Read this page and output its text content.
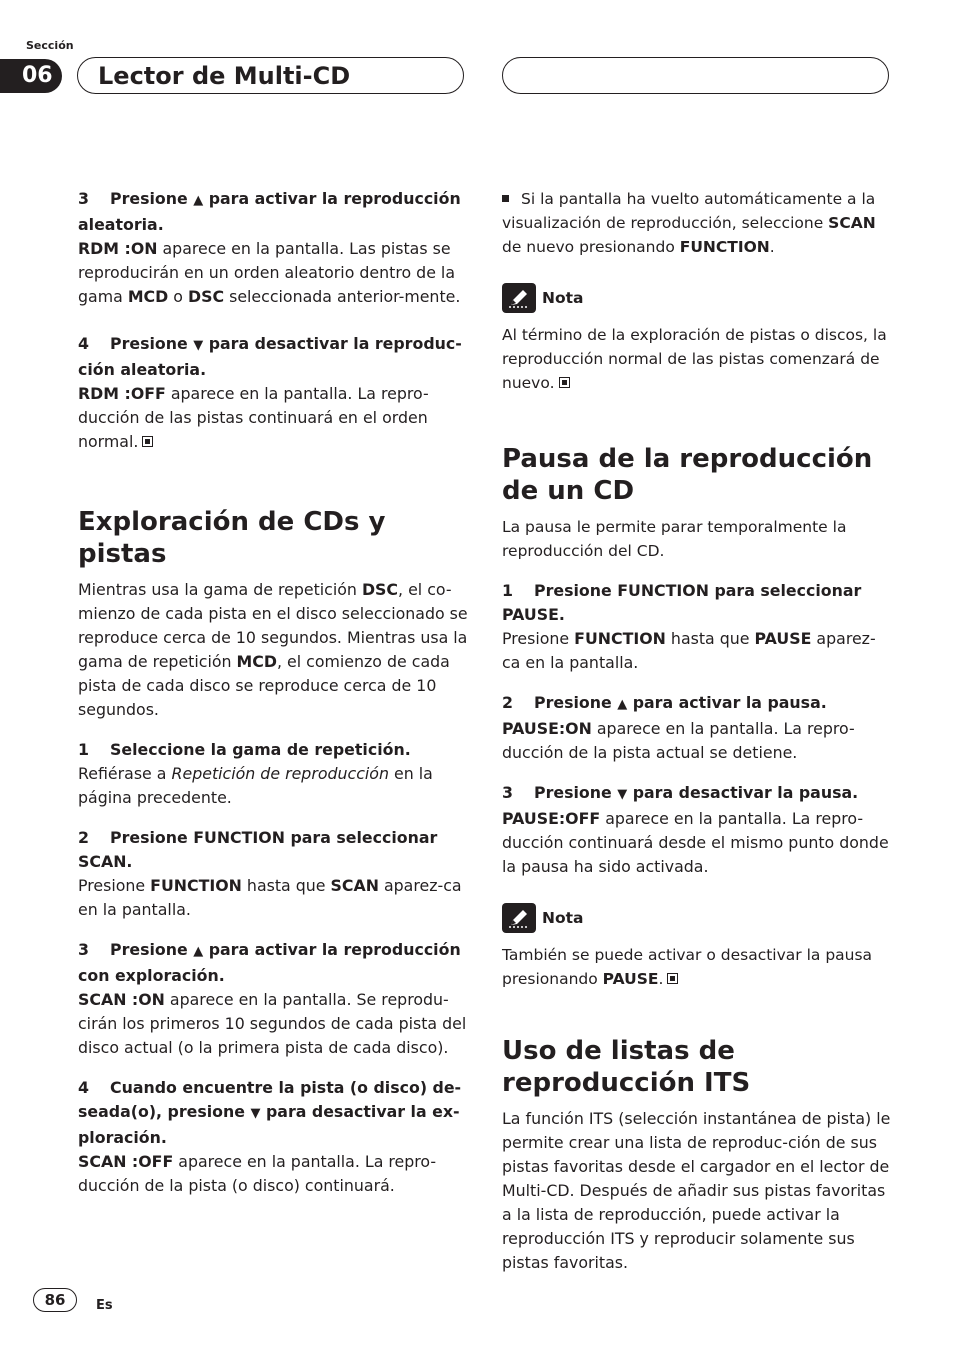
Sección
06	Lector de Multi-CD

3 Presione ▲ para activar la reproducción aleatoria.

RDM :ON aparece en la pantalla. Las pistas se reproducirán en un orden aleatorio dentro de la gama MCD o DSC seleccionada anterior-mente.

4 Presione ▼ para desactivar la reproduc-ción aleatoria.

RDM :OFF aparece en la pantalla. La repro-ducción de las pistas continuará en el orden normal.

Exploración de CDs y pistas

Mientras usa la gama de repetición DSC, el co-mienzo de cada pista en el disco seleccionado se reproduce cerca de 10 segundos. Mientras usa la gama de repetición MCD, el comienzo de cada pista de cada disco se reproduce cerca de 10 segundos.

1 Seleccione la gama de repetición.

Refiérase a Repetición de reproducción en la página precedente.

2 Presione FUNCTION para seleccionar SCAN.

Presione FUNCTION hasta que SCAN aparez-ca en la pantalla.

3 Presione ▲ para activar la reproducción con exploración.

SCAN :ON aparece en la pantalla. Se reprodu-cirán los primeros 10 segundos de cada pista del disco actual (o la primera pista de cada disco).

4 Cuando encuentre la pista (o disco) de-seada(o), presione ▼ para desactivar la ex-ploración.

SCAN :OFF aparece en la pantalla. La repro-ducción de la pista (o disco) continuará.

Si la pantalla ha vuelto automáticamente a la visualización de reproducción, seleccione SCAN de nuevo presionando FUNCTION.

Nota

Al término de la exploración de pistas o discos, la reproducción normal de las pistas comenzará de nuevo.

Pausa de la reproducción de un CD

La pausa le permite parar temporalmente la reproducción del CD.

1 Presione FUNCTION para seleccionar PAUSE.

Presione FUNCTION hasta que PAUSE aparez-ca en la pantalla.

2 Presione ▲ para activar la pausa.

PAUSE:ON aparece en la pantalla. La repro-ducción de la pista actual se detiene.

3 Presione ▼ para desactivar la pausa.

PAUSE:OFF aparece en la pantalla. La repro-ducción continuará desde el mismo punto donde la pausa ha sido activada.

Nota

También se puede activar o desactivar la pausa presionando PAUSE.

Uso de listas de reproducción ITS

La función ITS (selección instantánea de pista) le permite crear una lista de reproduc-ción de sus pistas favoritas desde el cargador en el lector de Multi-CD. Después de añadir sus pistas favoritas a la lista de reproducción, puede activar la reproducción ITS y reproducir solamente sus pistas favoritas.

86	Es
